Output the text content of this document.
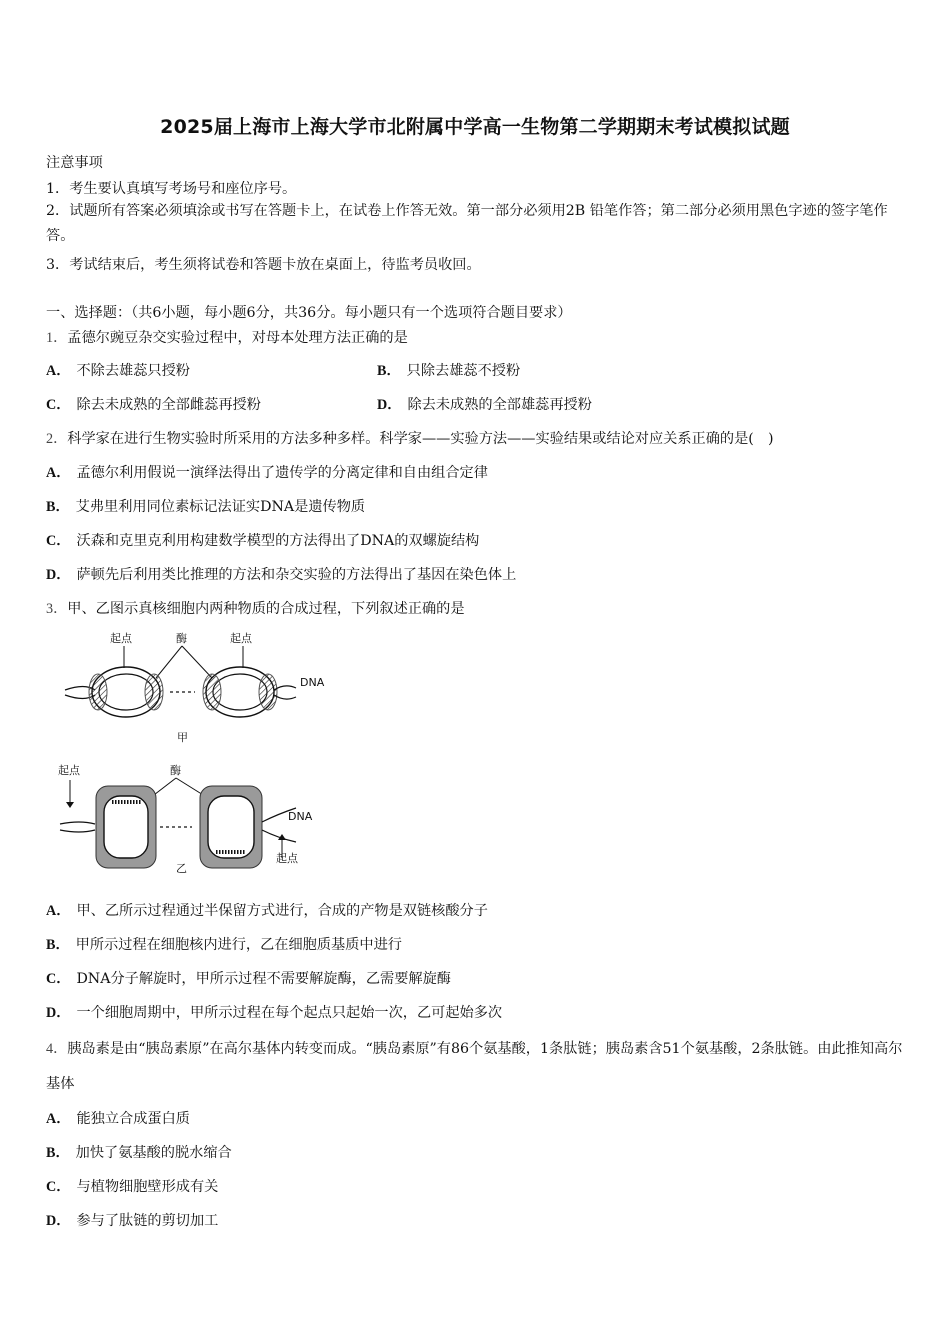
2025届上海市上海大学市北附属中学高一生物第二学期期末考试模拟试题
注意事项
1．考生要认真填写考场号和座位序号。
2．试题所有答案必须填涂或书写在答题卡上，在试卷上作答无效。第一部分必须用2B 铅笔作答；第二部分必须用黑色字迹的签字笔作答。
3．考试结束后，考生须将试卷和答题卡放在桌面上，待监考员收回。
一、选择题：（共6小题，每小题6分，共36分。每小题只有一个选项符合题目要求）
1．孟德尔豌豆杂交实验过程中，对母本处理方法正确的是
A． 不除去雄蕊只授粉	B． 只除去雄蕊不授粉
C． 除去未成熟的全部雌蕊再授粉	D． 除去未成熟的全部雄蕊再授粉
2．科学家在进行生物实验时所采用的方法多种多样。科学家——实验方法——实验结果或结论对应关系正确的是(　)
A． 孟德尔利用假说一演绎法得出了遗传学的分离定律和自由组合定律
B． 艾弗里利用同位素标记法证实DNA是遗传物质
C． 沃森和克里克利用构建数学模型的方法得出了DNA的双螺旋结构
D． 萨顿先后利用类比推理的方法和杂交实验的方法得出了基因在染色体上
3．甲、乙图示真核细胞内两种物质的合成过程，下列叙述正确的是
起点	酶	起点
DNA
甲
起点	酶
DNA
起点
乙
A． 甲、乙所示过程通过半保留方式进行，合成的产物是双链核酸分子
B． 甲所示过程在细胞核内进行，乙在细胞质基质中进行
C． DNA分子解旋时，甲所示过程不需要解旋酶，乙需要解旋酶
D． 一个细胞周期中，甲所示过程在每个起点只起始一次，乙可起始多次
4．胰岛素是由“胰岛素原”在高尔基体内转变而成。“胰岛素原”有86个氨基酸，1条肽链；胰岛素含51个氨基酸，2条肽链。由此推知高尔基体
A． 能独立合成蛋白质
B． 加快了氨基酸的脱水缩合
C． 与植物细胞壁形成有关
D． 参与了肽链的剪切加工
